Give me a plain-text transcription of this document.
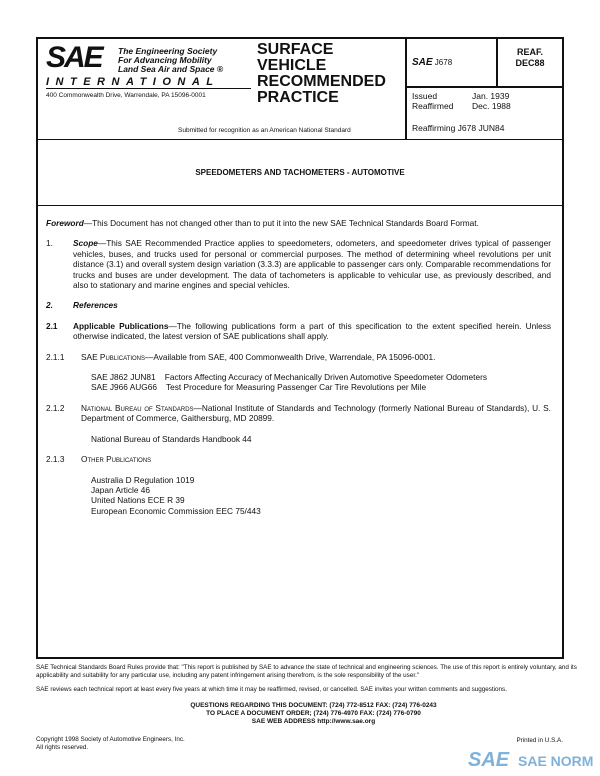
SAE The Engineering Society
For Advancing Mobility
Land Sea Air and Space ®
INTERNATIONAL
400 Commonwealth Drive, Warrendale, PA 15096-0001
SURFACE
VEHICLE
RECOMMENDED
PRACTICE
Submitted for recognition as an American National Standard
SAE J678
REAF.
DEC88
Issued	Jan. 1939
Reaffirmed Dec. 1988
Reaffirming J678 JUN84
SPEEDOMETERS AND TACHOMETERS - AUTOMOTIVE
Foreword—This Document has not changed other than to put it into the new SAE Technical Standards Board Format.
1. Scope—This SAE Recommended Practice applies to speedometers, odometers, and speedometer drives typical of passenger vehicles, buses, and trucks used for personal or commercial purposes. The method of determining wheel revolutions per unit distance (3.1) and overall system design variation (3.3.3) are applicable to passenger cars only. Comparable recommendations for trucks and buses are under development. The data of tachometers is applicable to vehicular use, as previously described, and also to stationary and marine engines and special vehicles.
2. References
2.1 Applicable Publications—The following publications form a part of this specification to the extent specified herein. Unless otherwise indicated, the latest version of SAE publications shall apply.
2.1.1 SAE Publications—Available from SAE, 400 Commonwealth Drive, Warrendale, PA 15096-0001.
SAE J862 JUN81    Factors Affecting Accuracy of Mechanically Driven Automotive Speedometer Odometers
SAE J966 AUG66    Test Procedure for Measuring Passenger Car Tire Revolutions per Mile
2.1.2 National Bureau of Standards—National Institute of Standards and Technology (formerly National Bureau of Standards), U. S. Department of Commerce, Gaithersburg, MD 20899.
National Bureau of Standards Handbook 44
2.1.3 Other Publications
Australia D Regulation 1019
Japan Article 46
United Nations ECE R 39
European Economic Commission EEC 75/443
SAE Technical Standards Board Rules provide that: "This report is published by SAE to advance the state of technical and engineering sciences. The use of this report is entirely voluntary, and its applicability and suitability for any particular use, including any patent infringement arising therefrom, is the sole responsibility of the user."
SAE reviews each technical report at least every five years at which time it may be reaffirmed, revised, or cancelled. SAE invites your written comments and suggestions.
QUESTIONS REGARDING THIS DOCUMENT: (724) 772-8512 FAX: (724) 776-0243
TO PLACE A DOCUMENT ORDER; (724) 776-4970 FAX: (724) 776-0790
SAE WEB ADDRESS http://www.sae.org
Copyright 1998 Society of Automotive Engineers, Inc.
All rights reserved.
Printed in U.S.A.
SAE SAE NORM
